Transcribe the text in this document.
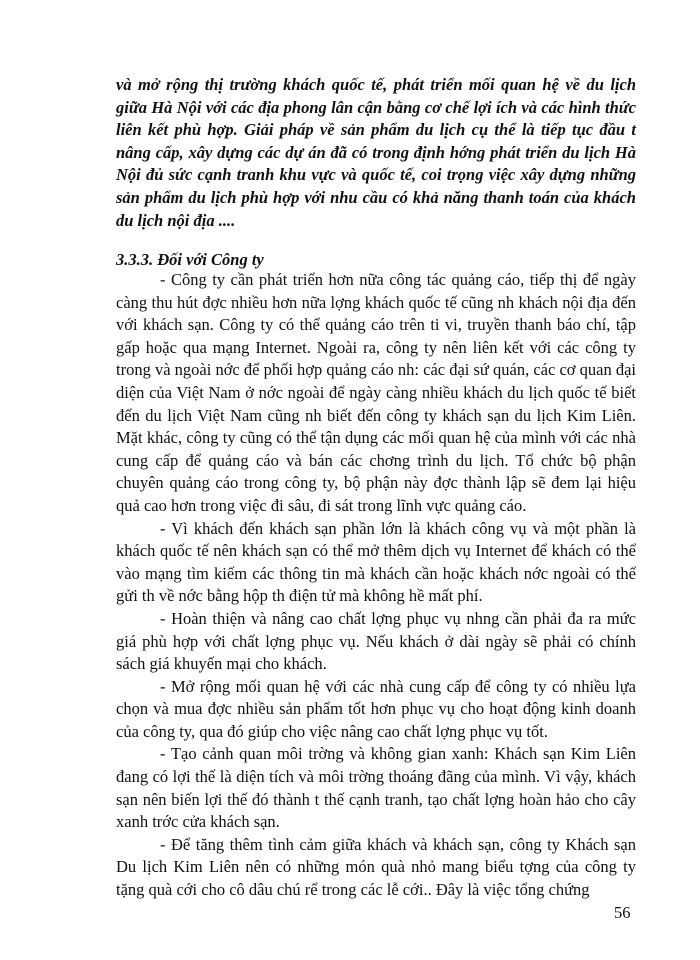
và mở rộng thị trường khách quốc tế, phát triển mối quan hệ về du lịch giữa Hà Nội với các địa phong lân cận bằng cơ chế lợi ích và các hình thức liên kết phù hợp. Giải pháp về sản phẩm du lịch cụ thể là tiếp tục đầu t nâng cấp, xây dựng các dự án đã có trong định hớng phát triển du lịch Hà Nội đủ sức cạnh tranh khu vực và quốc tế, coi trọng việc xây dựng những sản phẩm du lịch phù hợp với nhu cầu có khả năng thanh toán của khách du lịch nội địa ....

3.3.3. Đối với Công ty

- Công ty cần phát triển hơn nữa công tác quảng cáo, tiếp thị để ngày càng thu hút đợc nhiều hơn nữa lợng khách quốc tế cũng nh khách nội địa đến với khách sạn. Công ty có thể quảng cáo trên ti vi, truyền thanh báo chí, tập gấp hoặc qua mạng Internet. Ngoài ra, công ty nên liên kết với các công ty trong và ngoài nớc để phối hợp quảng cáo nh: các đại sứ quán, các cơ quan đại diện của Việt Nam ở nớc ngoài để ngày càng nhiều khách du lịch quốc tế biết đến du lịch Việt Nam cũng nh biết đến công ty khách sạn du lịch Kim Liên. Mặt khác, công ty cũng có thể tận dụng các mối quan hệ của mình với các nhà cung cấp để quảng cáo và bán các chơng trình du lịch. Tổ chức bộ phận chuyên quảng cáo trong công ty, bộ phận này đợc thành lập sẽ đem lại hiệu quả cao hơn trong việc đi sâu, đi sát trong lĩnh vực quảng cáo.

- Vì khách đến khách sạn phần lớn là khách công vụ và một phần là khách quốc tế nên khách sạn có thể mở thêm dịch vụ Internet để khách có thể vào mạng tìm kiếm các thông tin mà khách cần hoặc khách nớc ngoài có thể gửi th về nớc bằng hộp th điện tử mà không hề mất phí.

- Hoàn thiện và nâng cao chất lợng phục vụ nhng cần phải đa ra mức giá phù hợp với chất lợng phục vụ. Nếu khách ở dài ngày sẽ phải có chính sách giá khuyến mại cho khách.

- Mở rộng mối quan hệ với các nhà cung cấp để công ty có nhiều lựa chọn và mua đợc nhiều sản phẩm tốt hơn phục vụ cho hoạt động kinh doanh của công ty, qua đó giúp cho việc nâng cao chất lợng phục vụ tốt.

- Tạo cảnh quan môi trờng và không gian xanh: Khách sạn Kim Liên đang có lợi thế là diện tích và môi trờng thoáng đãng của mình. Vì vậy, khách sạn nên biến lợi thế đó thành t thế cạnh tranh, tạo chất lợng hoàn hảo cho cây xanh trớc cửa khách sạn.

- Để tăng thêm tình cảm giữa khách và khách sạn, công ty Khách sạn Du lịch Kim Liên nên có những món quà nhỏ mang biểu tợng của công ty tặng quà cới cho cô dâu chú rể trong các lễ cới.. Đây là việc tổng chứng

56
